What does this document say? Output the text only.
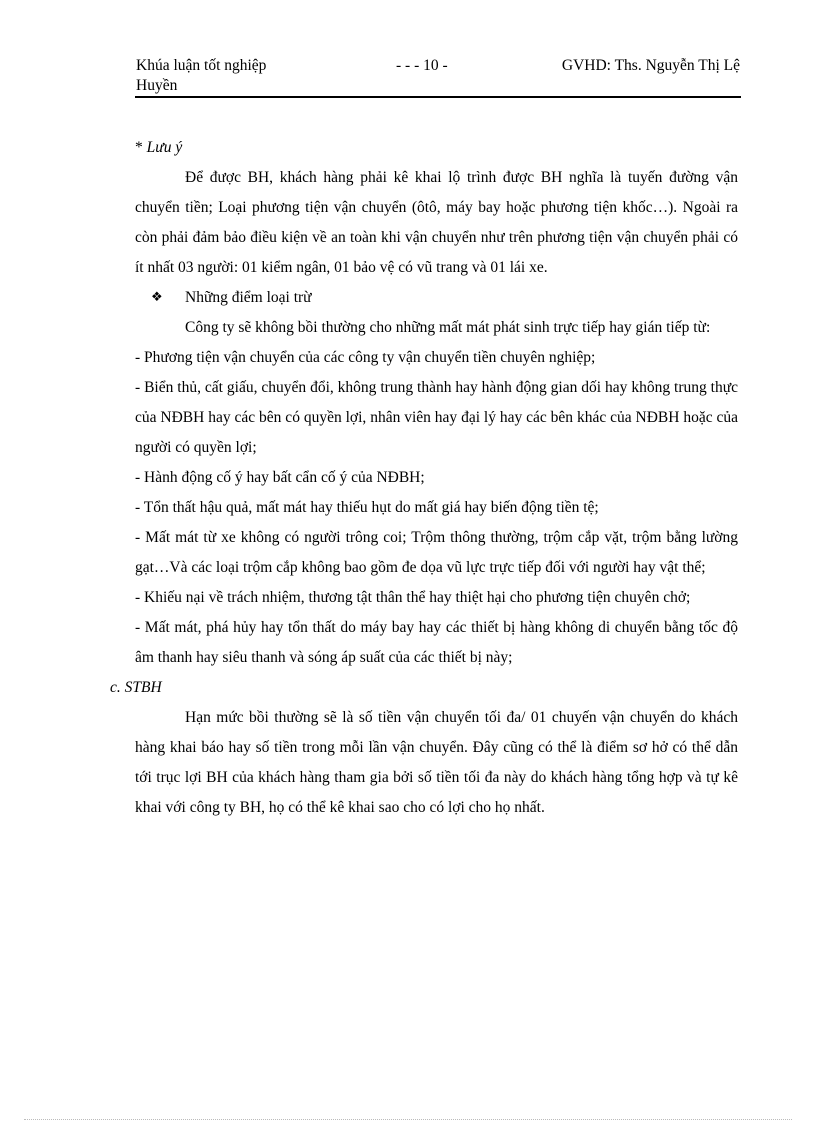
Khúa luận tốt nghiệp	- - - 10 -	GVHD: Ths. Nguyễn Thị Lệ
Huyền

* Lưu ý

Để được BH, khách hàng phải kê khai lộ trình được BH nghĩa là tuyến đường vận chuyển tiền; Loại phương tiện vận chuyển (ôtô, máy bay hoặc phương tiện khốc…). Ngoài ra còn phải đảm bảo điều kiện về an toàn khi vận chuyển như trên phương tiện vận chuyển phải có ít nhất 03 người: 01 kiểm ngân, 01 bảo vệ có vũ trang và 01 lái xe.

❖	Những điểm loại trừ

Công ty sẽ không bồi thường cho những mất mát phát sinh trực tiếp hay gián tiếp từ:

- Phương tiện vận chuyển của các công ty vận chuyển tiền chuyên nghiệp;

- Biển thủ, cất giấu, chuyển đổi, không trung thành hay hành động gian dối hay không trung thực của NĐBH hay các bên có quyền lợi, nhân viên hay đại lý hay các bên khác của NĐBH hoặc của người có quyền lợi;

- Hành động cố ý hay bất cẩn cố ý của NĐBH;

- Tổn thất hậu quả, mất mát hay thiếu hụt do mất giá hay biến động tiền tệ;

- Mất mát từ xe không có người trông coi; Trộm thông thường, trộm cắp vặt, trộm bằng lường gạt…Và các loại trộm cắp không bao gồm đe dọa vũ lực trực tiếp đối với người hay vật thể;

- Khiếu nại về trách nhiệm, thương tật thân thể hay thiệt hại cho phương tiện chuyên chở;

- Mất mát, phá hủy hay tổn thất do máy bay hay các thiết bị hàng không di chuyển bằng tốc độ âm thanh hay siêu thanh và sóng áp suất của các thiết bị này;

c. STBH

Hạn mức bồi thường sẽ là số tiền vận chuyển tối đa/ 01 chuyến vận chuyển do khách hàng khai báo hay số tiền trong mỗi lần vận chuyển. Đây cũng có thể là điểm sơ hở có thể dẫn tới trục lợi BH của khách hàng tham gia bởi số tiền tối đa này do khách hàng tổng hợp và tự kê khai với công ty BH, họ có thể kê khai sao cho có lợi cho họ nhất.
